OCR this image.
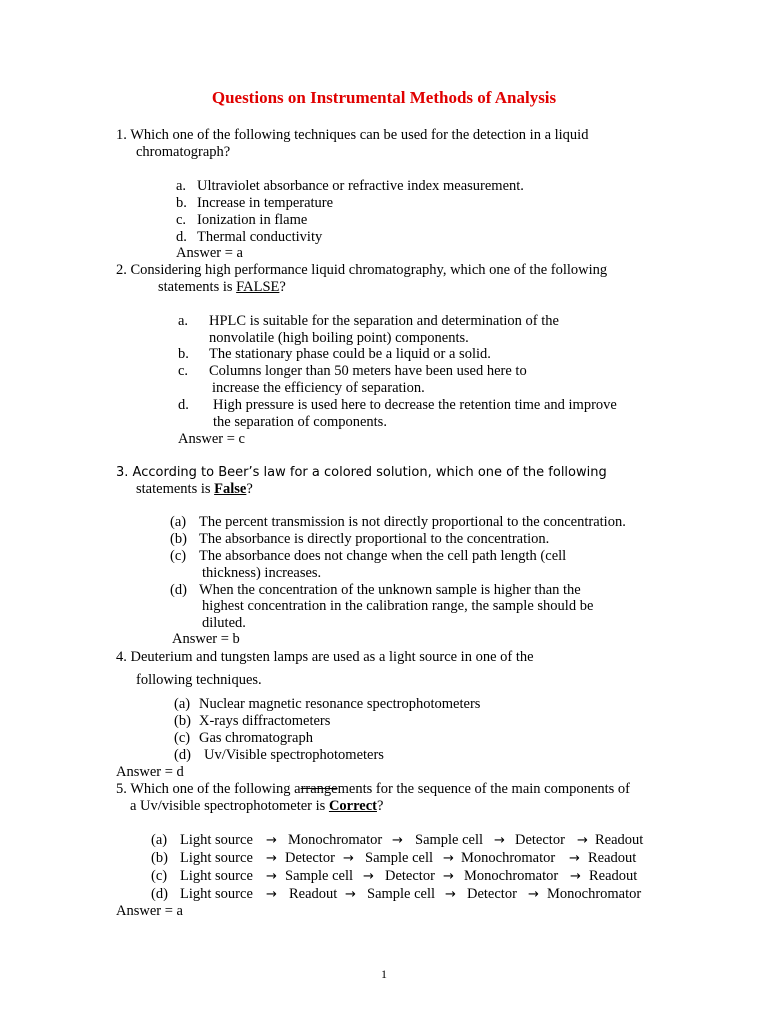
Questions on Instrumental Methods of Analysis
1. Which one of the following techniques can be used for the detection in a liquid
chromatograph?
a. Ultraviolet absorbance or refractive index measurement.
b. Increase in temperature
c. Ionization in flame
d. Thermal conductivity
Answer = a
2. Considering high performance liquid chromatography, which one of the following
statements is FALSE?
a. HPLC is suitable for the separation and determination of the
nonvolatile (high boiling point) components.
b. The stationary phase could be a liquid or a solid.
c. Columns longer than 50 meters have been used here to
increase the efficiency of separation.
d. High pressure is used here to decrease the retention time and improve
the separation of components.
Answer = c
3. According to Beer’s law for a colored solution, which one of the following
statements is False?
(a) The percent transmission is not directly proportional to the concentration.
(b) The absorbance is directly proportional to the concentration.
(c) The absorbance does not change when the cell path length (cell
thickness) increases.
(d) When the concentration of the unknown sample is higher than the
highest concentration in the calibration range, the sample should be
diluted.
Answer = b
4. Deuterium and tungsten lamps are used as a light source in one of the
following techniques.
(a) Nuclear magnetic resonance spectrophotometers
(b) X-rays diffractometers
(c) Gas chromatograph
(d) Uv/Visible spectrophotometers
Answer = d
5. Which one of the following arrangements for the sequence of the main components of
a Uv/visible spectrophotometer is Correct?
(a) Light source → Monochromator → Sample cell → Detector → Readout
(b) Light source → Detector → Sample cell → Monochromator → Readout
(c) Light source → Sample cell → Detector → Monochromator → Readout
(d) Light source → Readout → Sample cell → Detector → Monochromator
Answer = a
1
